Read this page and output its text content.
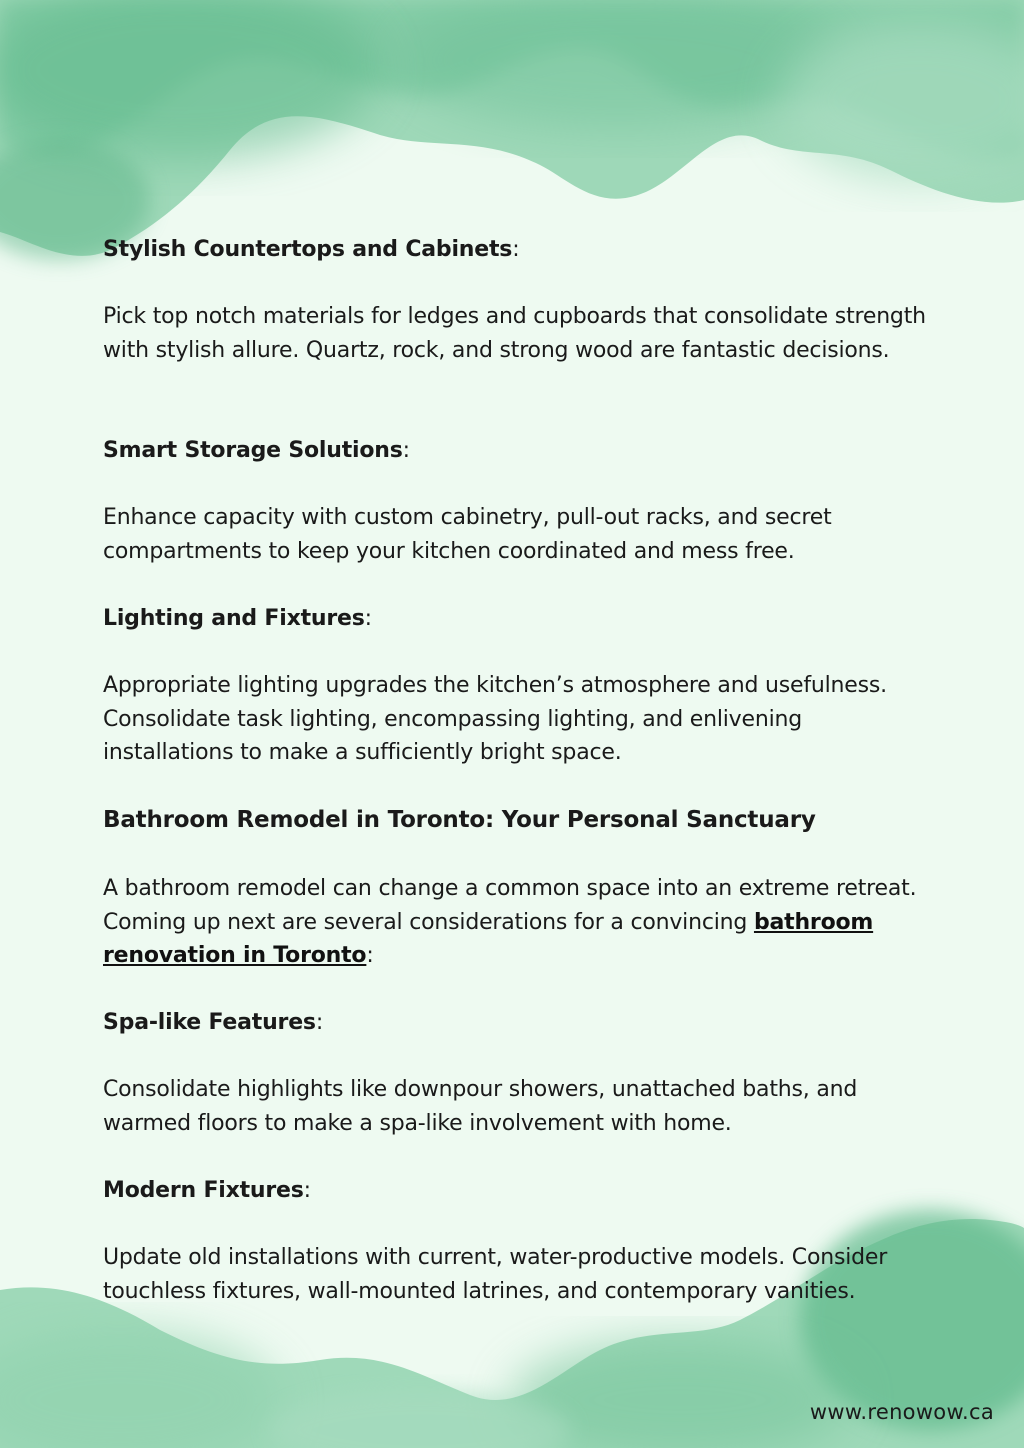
Stylish Countertops and Cabinets:

Pick top notch materials for ledges and cupboards that consolidate strength with stylish allure. Quartz, rock, and strong wood are fantastic decisions.

Smart Storage Solutions:

Enhance capacity with custom cabinetry, pull-out racks, and secret compartments to keep your kitchen coordinated and mess free.

Lighting and Fixtures:

Appropriate lighting upgrades the kitchen’s atmosphere and usefulness. Consolidate task lighting, encompassing lighting, and enlivening installations to make a sufficiently bright space.

Bathroom Remodel in Toronto: Your Personal Sanctuary

A bathroom remodel can change a common space into an extreme retreat. Coming up next are several considerations for a convincing bathroom renovation in Toronto:

Spa-like Features:

Consolidate highlights like downpour showers, unattached baths, and warmed floors to make a spa-like involvement with home.

Modern Fixtures:

Update old installations with current, water-productive models. Consider touchless fixtures, wall-mounted latrines, and contemporary vanities.

www.renowow.ca
